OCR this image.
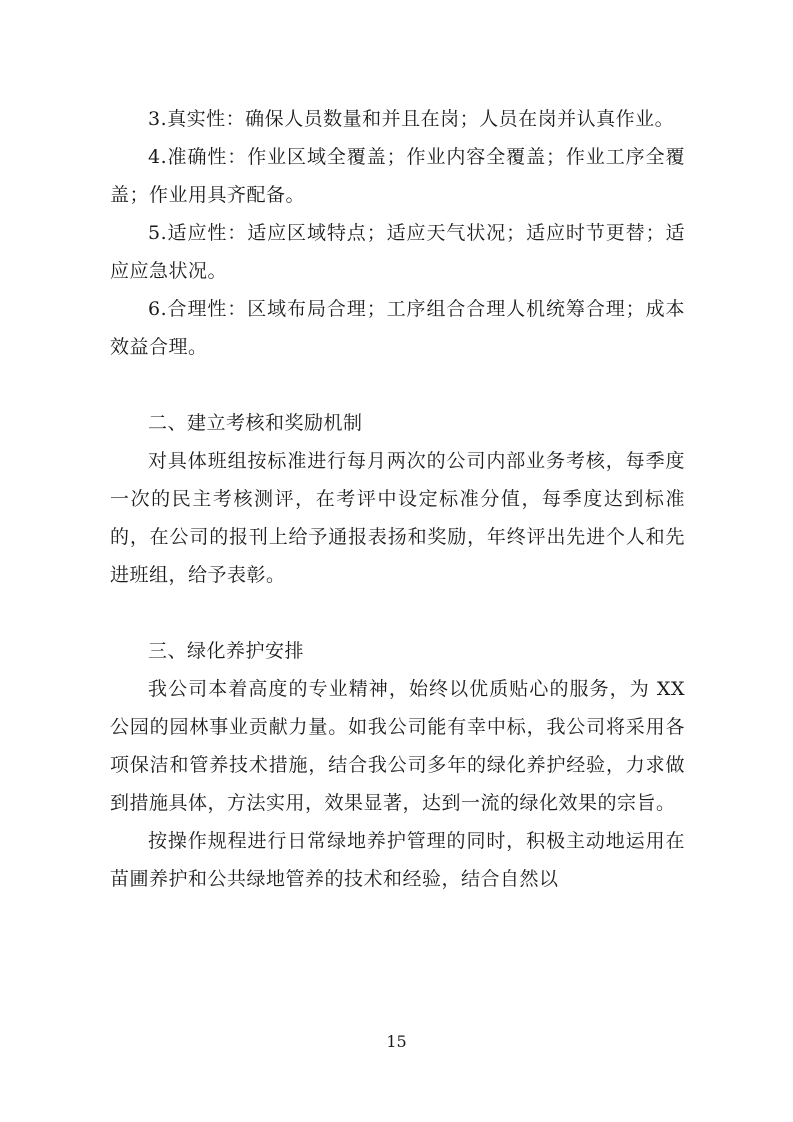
3.真实性：确保人员数量和并且在岗；人员在岗并认真作业。

4.准确性：作业区域全覆盖；作业内容全覆盖；作业工序全覆盖；作业用具齐配备。

5.适应性：适应区域特点；适应天气状况；适应时节更替；适应应急状况。

6.合理性：区域布局合理；工序组合合理人机统筹合理；成本效益合理。

二、建立考核和奖励机制

对具体班组按标准进行每月两次的公司内部业务考核，每季度一次的民主考核测评，在考评中设定标准分值，每季度达到标准的，在公司的报刊上给予通报表扬和奖励，年终评出先进个人和先进班组，给予表彰。

三、绿化养护安排

我公司本着高度的专业精神，始终以优质贴心的服务，为 XX 公园的园林事业贡献力量。如我公司能有幸中标，我公司将采用各项保洁和管养技术措施，结合我公司多年的绿化养护经验，力求做到措施具体，方法实用，效果显著，达到一流的绿化效果的宗旨。

按操作规程进行日常绿地养护管理的同时，积极主动地运用在苗圃养护和公共绿地管养的技术和经验，结合自然以

15
